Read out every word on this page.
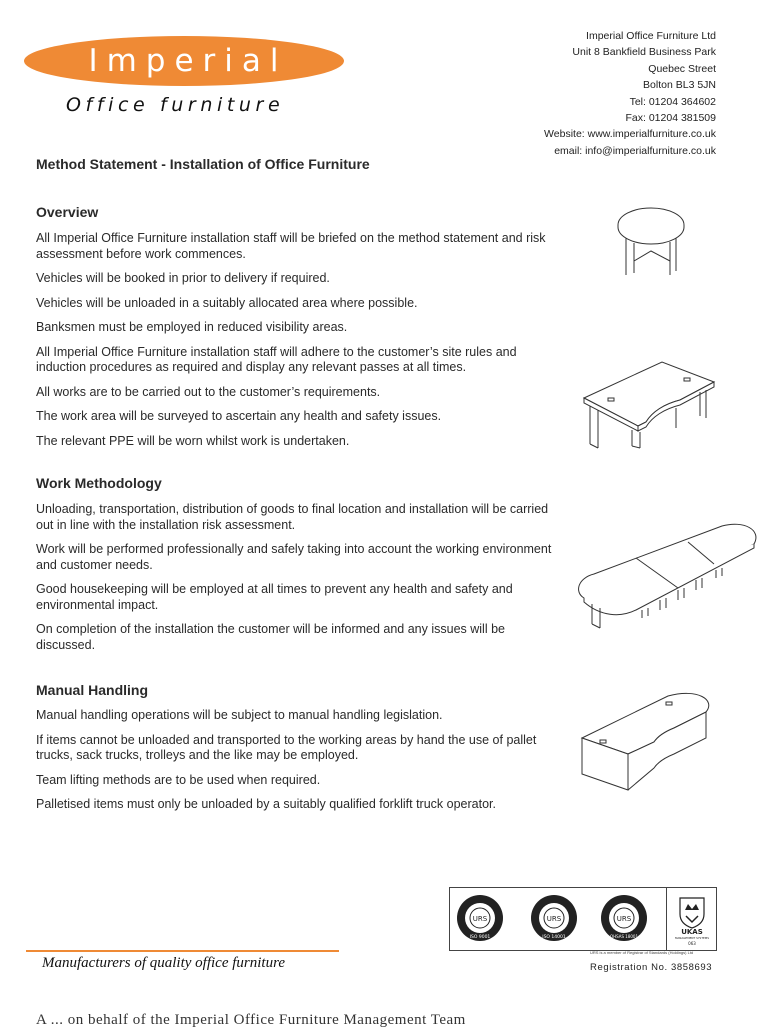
Imperial
Office furniture
Imperial Office Furniture Ltd
Unit 8 Bankfield Business Park
Quebec Street
Bolton BL3 5JN
Tel: 01204 364602
Fax: 01204 381509
Website: www.imperialfurniture.co.uk
email: info@imperialfurniture.co.uk
Method Statement - Installation of Office Furniture
Overview

All Imperial Office Furniture installation staff will be briefed on the method statement and risk assessment before work commences.

Vehicles will be booked in prior to delivery if required.

Vehicles will be unloaded in a suitably allocated area where possible.

Banksmen must be employed in reduced visibility areas.

All Imperial Office Furniture installation staff will adhere to the customer’s site rules and induction procedures as required and display any relevant passes at all times.

All works are to be carried out to the customer’s requirements.

The work area will be surveyed to ascertain any health and safety issues.

The relevant PPE will be worn whilst work is undertaken.

Work Methodology

Unloading, transportation, distribution of goods to final location and installation will be carried out in line with the installation risk assessment.

Work will be performed professionally and safely taking into account the working environment and customer needs.

Good housekeeping will be employed at all times to prevent any health and safety and environmental impact.

On completion of the installation the customer will be informed and any issues will be discussed.

Manual Handling

Manual handling operations will be subject to manual handling legislation.

If items cannot be unloaded and transported to the working areas by hand the use of pallet trucks, sack trucks, trolleys and the like may be employed.

Team lifting methods are to be used when required.

Palletised items must only be unloaded by a suitably qualified forklift truck operator.

URS
ISO 9001
URS
ISO 14001
URS
OHSAS 18001
UKAS
MANAGEMENT SYSTEMS
063
URS is a member of Registrar of Standards (Holdings) Ltd
Registration No. 3858693
Manufacturers of quality office furniture
A ... on behalf of the Imperial Office Furniture Management Team
